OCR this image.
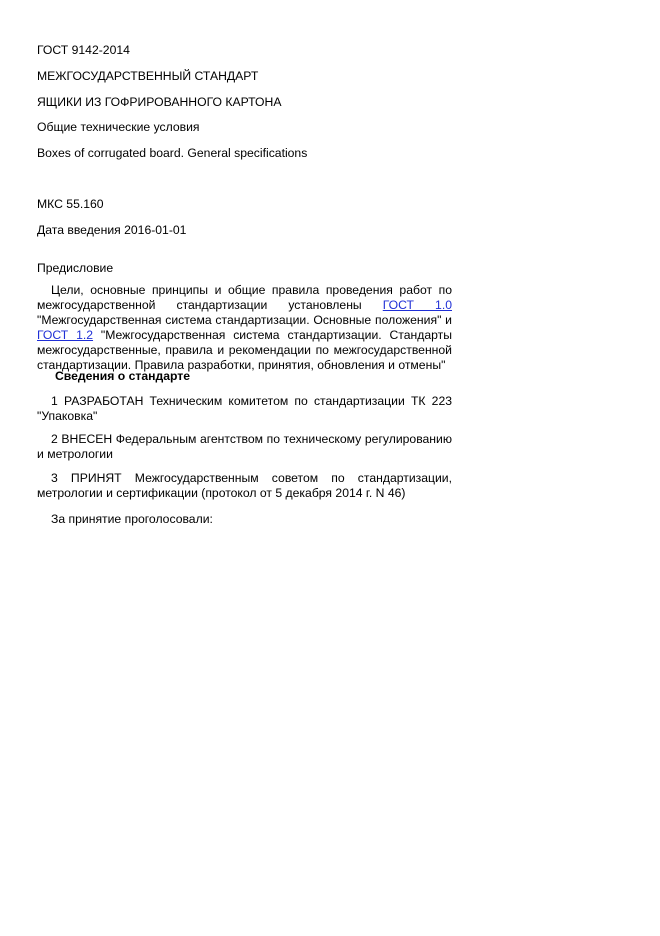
ГОСТ 9142-2014
МЕЖГОСУДАРСТВЕННЫЙ СТАНДАРТ
ЯЩИКИ ИЗ ГОФРИРОВАННОГО КАРТОНА
Общие технические условия
Boxes of corrugated board. General specifications
МКС 55.160
Дата введения 2016-01-01
Предисловие
Цели, основные принципы и общие правила проведения работ по межгосударственной стандартизации установлены ГОСТ 1.0 "Межгосударственная система стандартизации. Основные положения" и ГОСТ 1.2 "Межгосударственная система стандартизации. Стандарты межгосударственные, правила и рекомендации по межгосударственной стандартизации. Правила разработки, принятия, обновления и отмены"
Сведения о стандарте
1 РАЗРАБОТАН Техническим комитетом по стандартизации ТК 223 "Упаковка"
2 ВНЕСЕН Федеральным агентством по техническому регулированию и метрологии
3 ПРИНЯТ Межгосударственным советом по стандартизации, метрологии и сертификации (протокол от 5 декабря 2014 г. N 46)
За принятие проголосовали:
